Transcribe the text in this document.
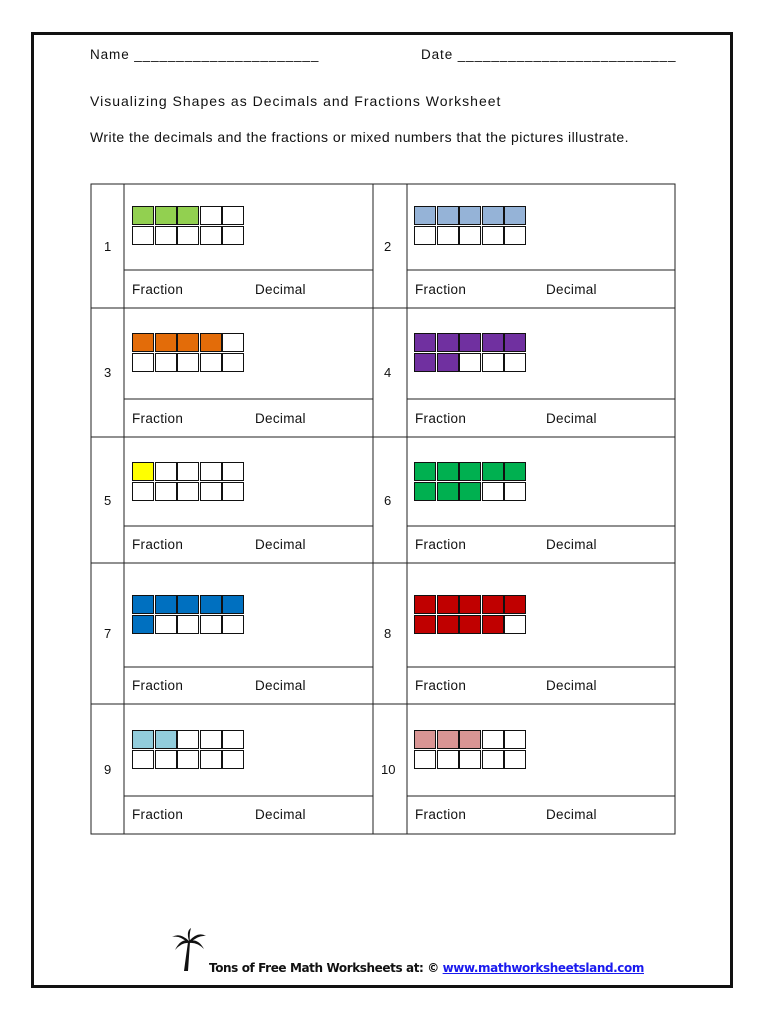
Name ______________________	Date __________________________
Visualizing Shapes as Decimals and Fractions Worksheet
Write the decimals and the fractions or mixed numbers that the pictures illustrate.
1
Fraction	Decimal
2
Fraction	Decimal
3
Fraction	Decimal
4
Fraction	Decimal
5
Fraction	Decimal
6
Fraction	Decimal
7
Fraction	Decimal
8
Fraction	Decimal
9
Fraction	Decimal
10
Fraction	Decimal
Tons of Free Math Worksheets at: © www.mathworksheetsland.com
